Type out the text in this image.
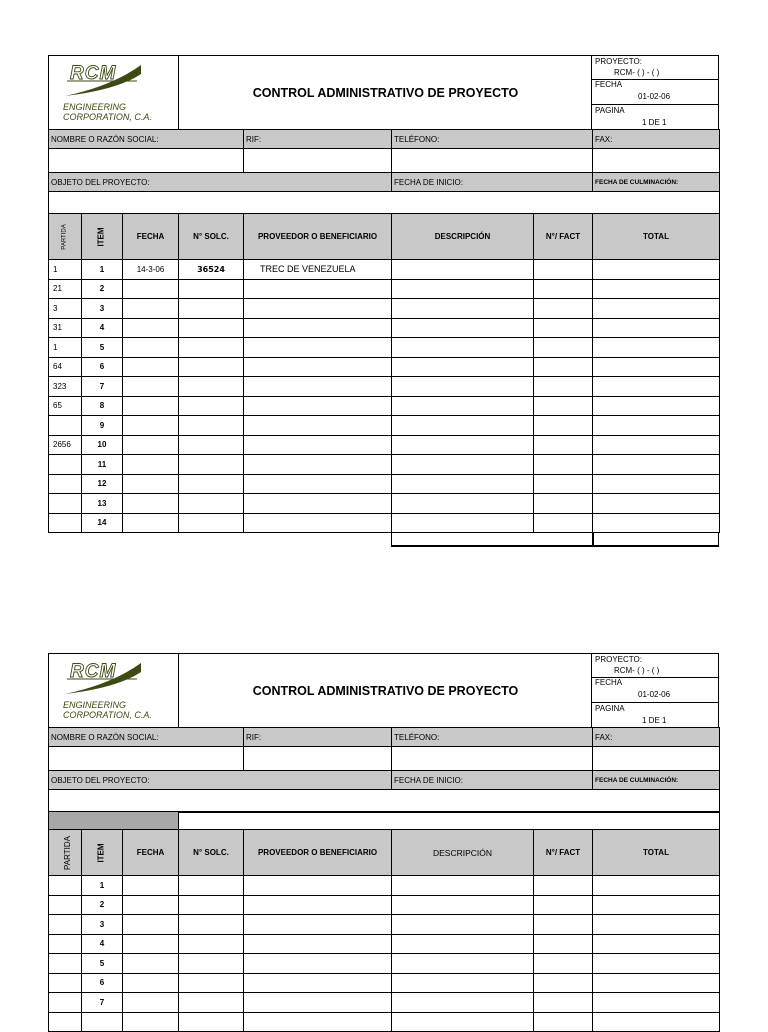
RCM
ENGINEERING
CORPORATION, C.A.
CONTROL ADMINISTRATIVO DE PROYECTO
PROYECTO:
RCM- ( ) - ( )
FECHA
01-02-06
PAGINA
1 DE 1
NOMBRE O RAZÓN SOCIAL:				RIF:	TELÉFONO:		FAX:

OBJETO DEL PROYECTO:					FECHA DE INICIO:		FECHA DE CULMINACIÓN:

PARTIDA	ITEM	FECHA	N° SOLC.	PROVEEDOR O BENEFICIARIO	DESCRIPCIÓN	N°/ FACT	TOTAL
1	1	14-3-06	36524	TREC DE VENEZUELA			
21	2						
3	3						
31	4						
1	5						
64	6						
323	7						
65	8						
	9						
2656	10						
	11						
	12						
	13						
	14						
RCM
ENGINEERING
CORPORATION, C.A.
CONTROL ADMINISTRATIVO DE PROYECTO
PROYECTO:
RCM- ( ) - ( )
FECHA
01-02-06
PAGINA
1 DE 1
NOMBRE O RAZÓN SOCIAL:				RIF:	TELÉFONO:		FAX:

OBJETO DEL PROYECTO:					FECHA DE INICIO:		FECHA DE CULMINACIÓN:

PARTIDA	ITEM	FECHA	N° SOLC.	PROVEEDOR O BENEFICIARIO	DESCRIPCIÓN	N°/ FACT	TOTAL
	1						
	2						
	3						
	4						
	5						
	6						
	7						
